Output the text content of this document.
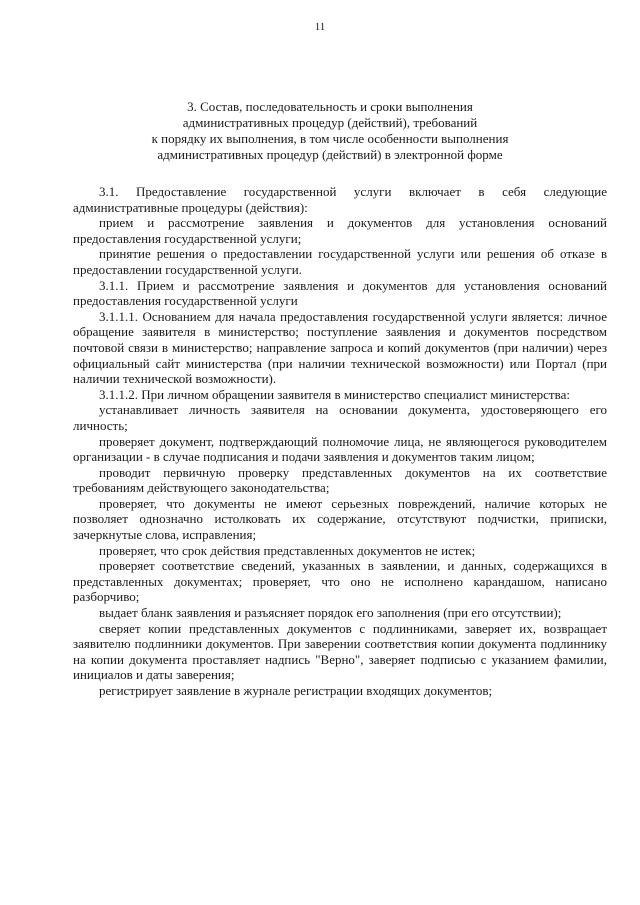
11
3. Состав, последовательность и сроки выполнения
административных процедур (действий), требований
к порядку их выполнения, в том числе особенности выполнения
административных процедур (действий) в электронной форме

3.1. Предоставление государственной услуги включает в себя следующие административные процедуры (действия):

прием и рассмотрение заявления и документов для установления оснований предоставления государственной услуги;

принятие решения о предоставлении государственной услуги или решения об отказе в предоставлении государственной услуги.

3.1.1. Прием и рассмотрение заявления и документов для установления оснований предоставления государственной услуги

3.1.1.1. Основанием для начала предоставления государственной услуги является: личное обращение заявителя в министерство; поступление заявления и документов посредством почтовой связи в министерство; направление запроса и копий документов (при наличии) через официальный сайт министерства (при наличии технической возможности) или Портал (при наличии технической возможности).

3.1.1.2. При личном обращении заявителя в министерство специалист министерства:

устанавливает личность заявителя на основании документа, удостоверяющего его личность;

проверяет документ, подтверждающий полномочие лица, не являющегося руководителем организации - в случае подписания и подачи заявления и документов таким лицом;

проводит первичную проверку представленных документов на их соответствие требованиям действующего законодательства;

проверяет, что документы не имеют серьезных повреждений, наличие которых не позволяет однозначно истолковать их содержание, отсутствуют подчистки, приписки, зачеркнутые слова, исправления;

проверяет, что срок действия представленных документов не истек;

проверяет соответствие сведений, указанных в заявлении, и данных, содержащихся в представленных документах; проверяет, что оно не исполнено карандашом, написано разборчиво;

выдает бланк заявления и разъясняет порядок его заполнения (при его отсутствии);

сверяет копии представленных документов с подлинниками, заверяет их, возвращает заявителю подлинники документов. При заверении соответствия копии документа подлиннику на копии документа проставляет надпись "Верно", заверяет подписью с указанием фамилии, инициалов и даты заверения;

регистрирует заявление в журнале регистрации входящих документов;
